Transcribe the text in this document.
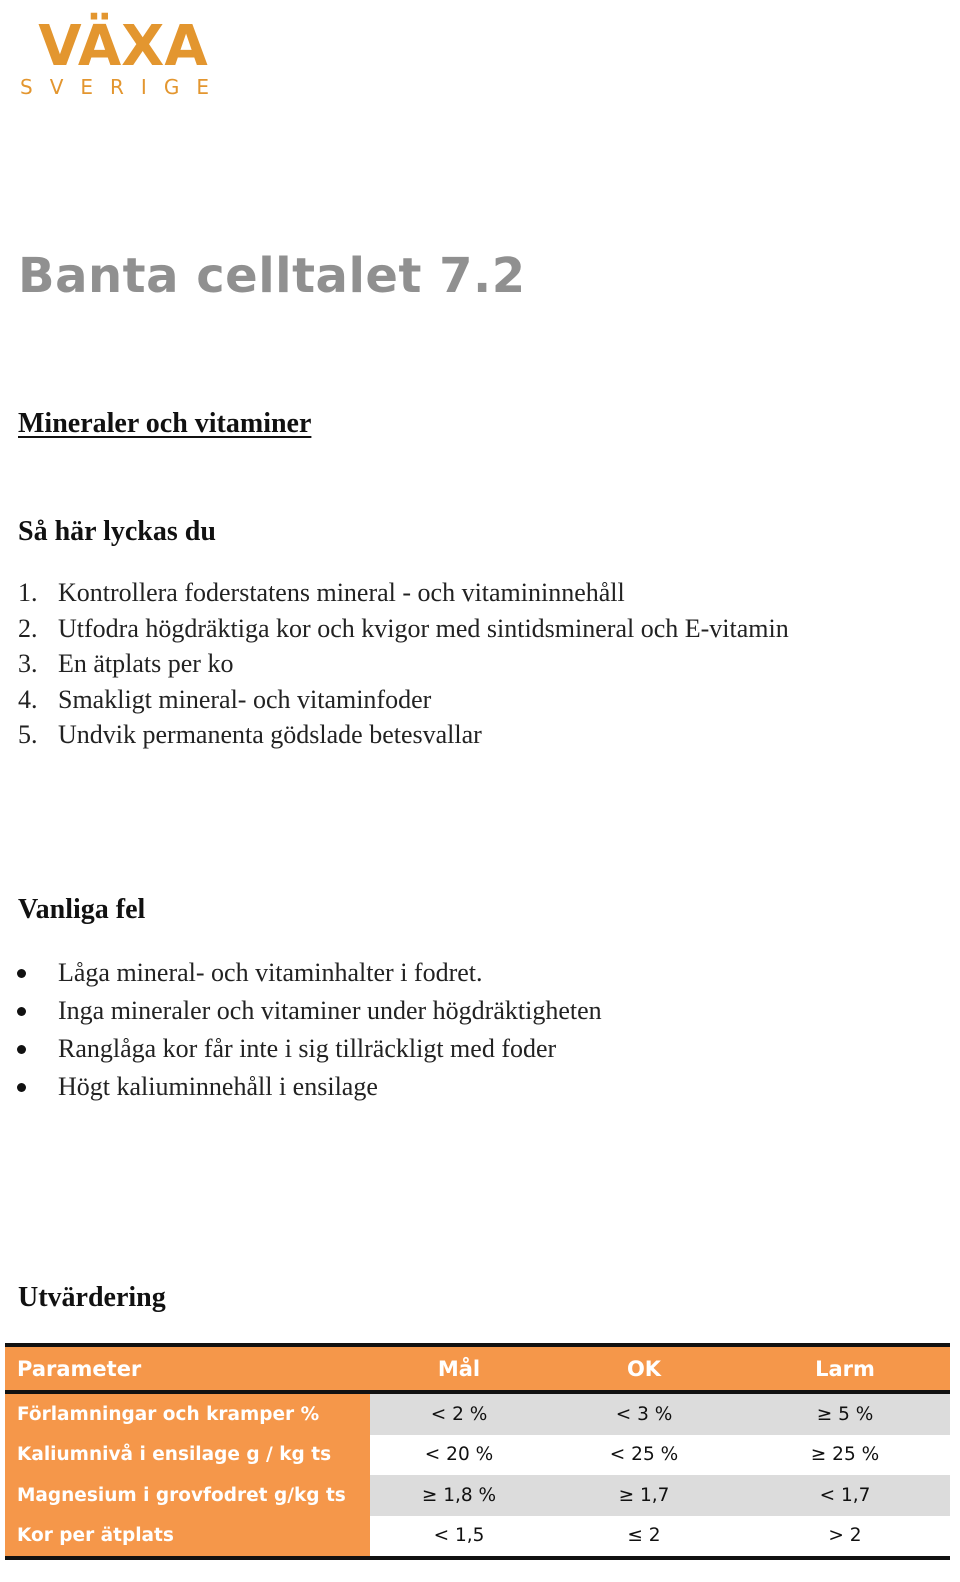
VÄXA
SVERIGE
Banta celltalet 7.2
Mineraler och vitaminer
Så här lyckas du
1. Kontrollera foderstatens mineral - och vitamininnehåll
2. Utfodra högdräktiga kor och kvigor med sintidsmineral och E-vitamin
3. En ätplats per ko
4. Smakligt mineral- och vitaminfoder
5. Undvik permanenta gödslade betesvallar
Vanliga fel
Låga mineral- och vitaminhalter i fodret.
Inga mineraler och vitaminer under högdräktigheten
Ranglåga kor får inte i sig tillräckligt med foder
Högt kaliuminnehåll i ensilage
Utvärdering
Parameter	Mål	OK	Larm
Förlamningar och kramper %	< 2 %	< 3 %	≥ 5 %
Kaliumnivå i ensilage g / kg ts	< 20 %	< 25 %	≥ 25 %
Magnesium i grovfodret g/kg ts	≥ 1,8 %	≥ 1,7	< 1,7
Kor per ätplats	< 1,5	≤ 2	> 2
